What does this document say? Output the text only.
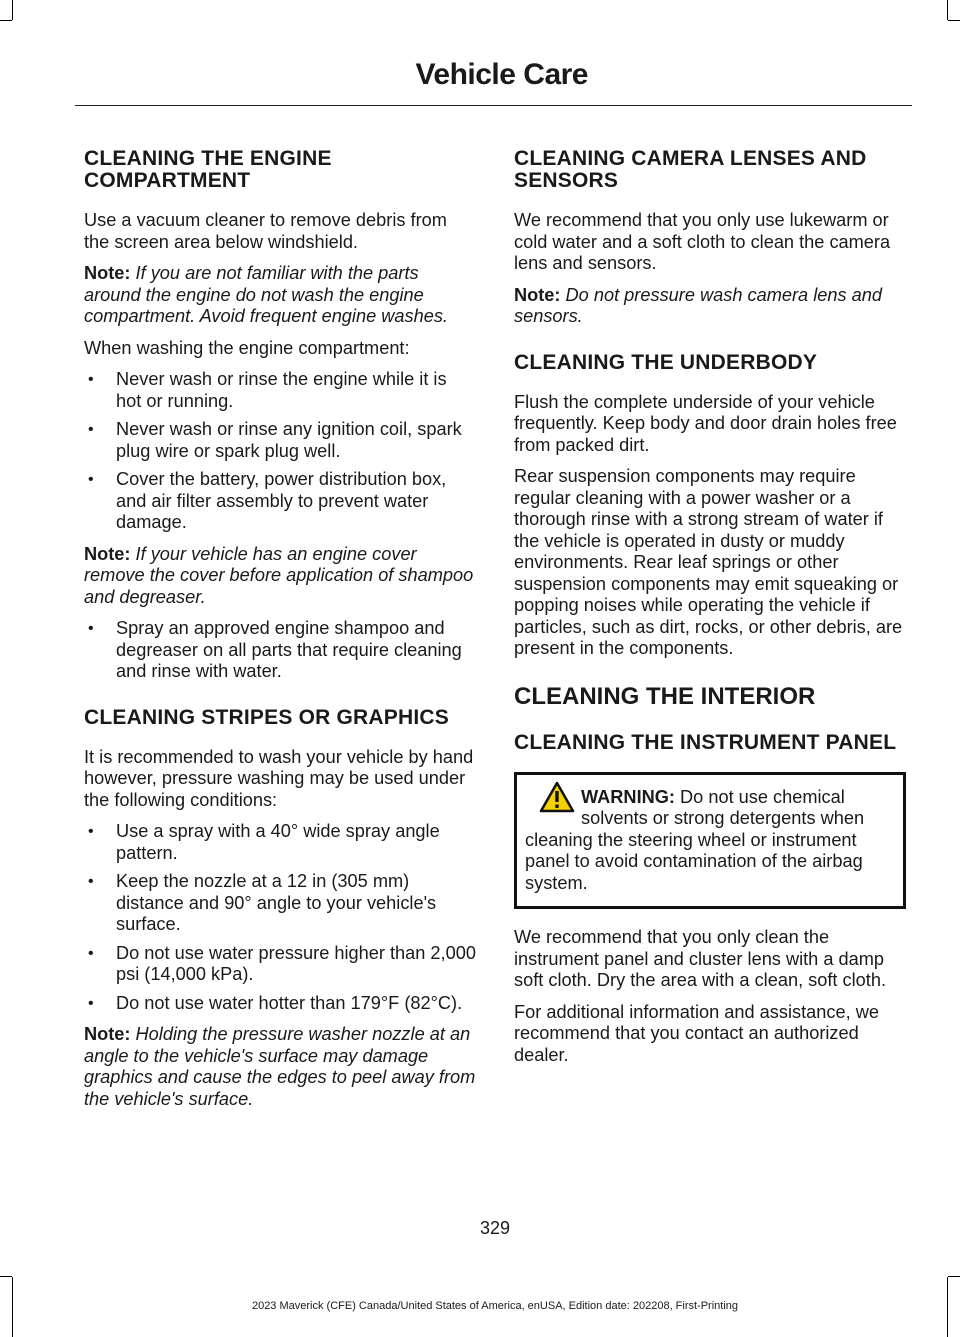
Vehicle Care
CLEANING THE ENGINE COMPARTMENT

Use a vacuum cleaner to remove debris from the screen area below windshield.

Note: If you are not familiar with the parts around the engine do not wash the engine compartment. Avoid frequent engine washes.

When washing the engine compartment:

• Never wash or rinse the engine while it is hot or running.
• Never wash or rinse any ignition coil, spark plug wire or spark plug well.
• Cover the battery, power distribution box, and air filter assembly to prevent water damage.

Note: If your vehicle has an engine cover remove the cover before application of shampoo and degreaser.

• Spray an approved engine shampoo and degreaser on all parts that require cleaning and rinse with water.
CLEANING STRIPES OR GRAPHICS

It is recommended to wash your vehicle by hand however, pressure washing may be used under the following conditions:

• Use a spray with a 40° wide spray angle pattern.
• Keep the nozzle at a 12 in (305 mm) distance and 90° angle to your vehicle's surface.
• Do not use water pressure higher than 2,000 psi (14,000 kPa).
• Do not use water hotter than 179°F (82°C).

Note: Holding the pressure washer nozzle at an angle to the vehicle's surface may damage graphics and cause the edges to peel away from the vehicle's surface.

CLEANING CAMERA LENSES AND SENSORS

We recommend that you only use lukewarm or cold water and a soft cloth to clean the camera lens and sensors.

Note: Do not pressure wash camera lens and sensors.

CLEANING THE UNDERBODY

Flush the complete underside of your vehicle frequently. Keep body and door drain holes free from packed dirt.

Rear suspension components may require regular cleaning with a power washer or a thorough rinse with a strong stream of water if the vehicle is operated in dusty or muddy environments. Rear leaf springs or other suspension components may emit squeaking or popping noises while operating the vehicle if particles, such as dirt, rocks, or other debris, are present in the components.

CLEANING THE INTERIOR
CLEANING THE INSTRUMENT PANEL
WARNING: Do not use chemical solvents or strong detergents when cleaning the steering wheel or instrument panel to avoid contamination of the airbag system.

We recommend that you only clean the instrument panel and cluster lens with a damp soft cloth. Dry the area with a clean, soft cloth.

For additional information and assistance, we recommend that you contact an authorized dealer.

329
2023 Maverick (CFE) Canada/United States of America, enUSA, Edition date: 202208, First-Printing
